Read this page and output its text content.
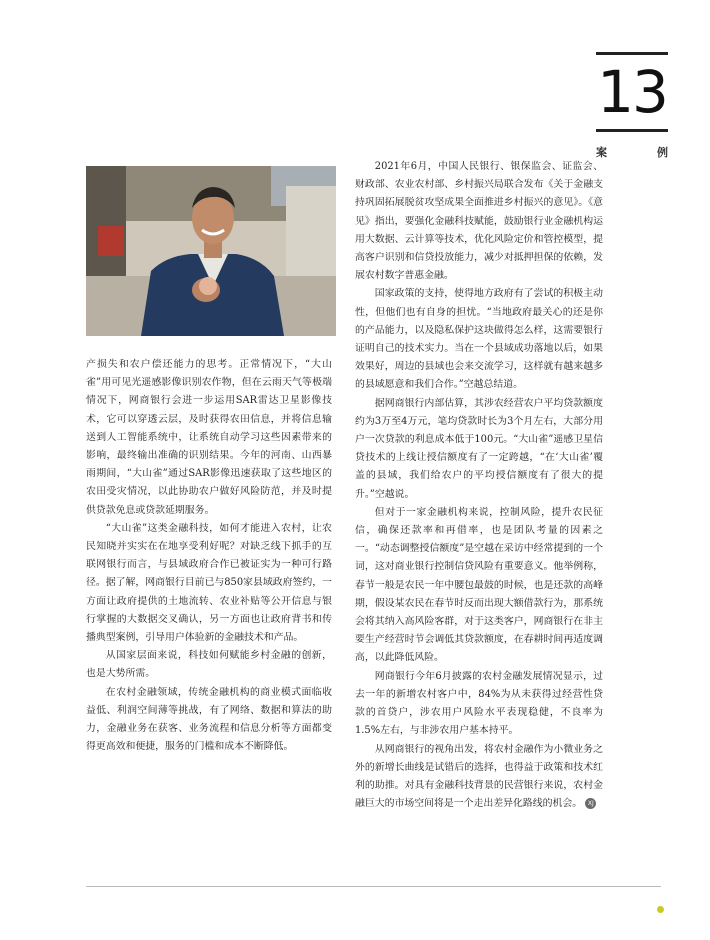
13
案	例

产损失和农户偿还能力的思考。正常情况下，“大山雀”用可见光遥感影像识别农作物，但在云雨天气等极端情况下，网商银行会进一步运用SAR雷达卫星影像技术，它可以穿透云层，及时获得农田信息，并将信息输送到人工智能系统中，让系统自动学习这些因素带来的影响，最终输出准确的识别结果。今年的河南、山西暴雨期间，“大山雀”通过SAR影像迅速获取了这些地区的农田受灾情况，以此协助农户做好风险防范，并及时提供贷款免息或贷款延期服务。

“大山雀”这类金融科技，如何才能进入农村，让农民知晓并实实在在地享受利好呢？对缺乏线下抓手的互联网银行而言，与县域政府合作已被证实为一种可行路径。据了解，网商银行目前已与850家县域政府签约，一方面让政府提供的土地流转、农业补贴等公开信息与银行掌握的大数据交叉确认，另一方面也让政府背书和传播典型案例，引导用户体验新的金融技术和产品。

从国家层面来说，科技如何赋能乡村金融的创新，也是大势所需。

在农村金融领域，传统金融机构的商业模式面临收益低、利润空间薄等挑战，有了网络、数据和算法的助力，金融业务在获客、业务流程和信息分析等方面都变得更高效和便捷，服务的门槛和成本不断降低。

2021年6月，中国人民银行、银保监会、证监会、财政部、农业农村部、乡村振兴局联合发布《关于金融支持巩固拓展脱贫攻坚成果全面推进乡村振兴的意见》。《意见》指出，要强化金融科技赋能，鼓励银行业金融机构运用大数据、云计算等技术，优化风险定价和管控模型，提高客户识别和信贷投放能力，减少对抵押担保的依赖，发展农村数字普惠金融。

国家政策的支持，使得地方政府有了尝试的积极主动性，但他们也有自身的担忧。“当地政府最关心的还是你的产品能力，以及隐私保护这块做得怎么样，这需要银行证明自己的技术实力。当在一个县域成功落地以后，如果效果好，周边的县域也会来交流学习，这样就有越来越多的县域愿意和我们合作。”空越总结道。

据网商银行内部估算，其涉农经营农户平均贷款额度约为3万至4万元，笔均贷款时长为3个月左右，大部分用户一次贷款的利息成本低于100元。“大山雀”遥感卫星信贷技术的上线让授信额度有了一定跨越，“在‘大山雀’覆盖的县域，我们给农户的平均授信额度有了很大的提升。”空越说。

但对于一家金融机构来说，控制风险，提升农民征信，确保还款率和再借率，也是团队考量的因素之一。“动态调整授信额度”是空越在采访中经常提到的一个词，这对商业银行控制信贷风险有重要意义。他举例称，春节一般是农民一年中腰包最鼓的时候，也是还款的高峰期，假设某农民在春节时反而出现大额借款行为，那系统会将其纳入高风险客群，对于这类客户，网商银行在非主要生产经营时节会调低其贷款额度，在春耕时间再适度调高，以此降低风险。

网商银行今年6月披露的农村金融发展情况显示，过去一年的新增农村客户中，84%为从未获得过经营性贷款的首贷户，涉农用户风险水平表现稳健，不良率为1.5%左右，与非涉农用户基本持平。

从网商银行的视角出发，将农村金融作为小微业务之外的新增长曲线是试错后的选择，也得益于政策和技术红利的助推。对具有金融科技背景的民营银行来说，农村金融巨大的市场空间将是一个走出差异化路线的机会。 XJ
